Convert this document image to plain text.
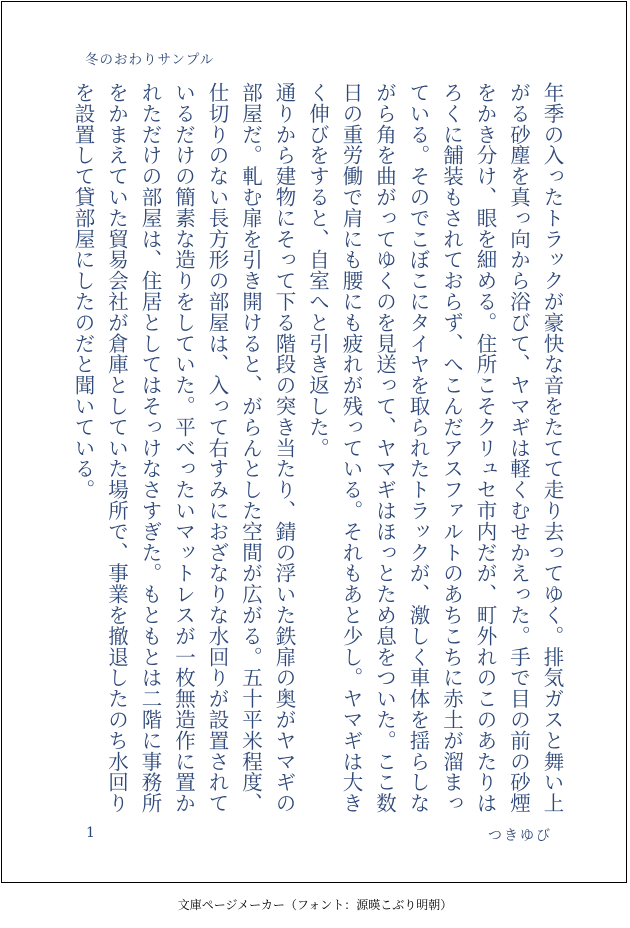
冬のおわりサンプル

年季の入ったトラックが豪快な音をたてて走り去ってゆく。排気ガスと舞い上がる砂塵を真っ向から浴びて、ヤマギは軽くむせかえった。手で目の前の砂煙をかき分け、眼を細める。住所こそクリュセ市内だが、町外れのこのあたりはろくに舗装もされておらず、へこんだアスファルトのあちこちに赤土が溜まっている。そのでこぼこにタイヤを取られたトラックが、激しく車体を揺らしながら角を曲がってゆくのを見送って、ヤマギはほっとため息をついた。ここ数日の重労働で肩にも腰にも疲れが残っている。それもあと少し。ヤマギは大きく伸びをすると、自室へと引き返した。

通りから建物にそって下る階段の突き当たり、錆の浮いた鉄扉の奥がヤマギの部屋だ。軋む扉を引き開けると、がらんとした空間が広がる。五十平米程度、仕切りのない長方形の部屋は、入って右すみにおざなりな水回りが設置されているだけの簡素な造りをしていた。平べったいマットレスが一枚無造作に置かれただけの部屋は、住居としてはそっけなさすぎた。もともとは二階に事務所をかまえていた貿易会社が倉庫としていた場所で、事業を撤退したのち水回りを設置して貸部屋にしたのだと聞いている。

1	つきゆび
文庫ページメーカー（フォント：源暎こぶり明朝）
